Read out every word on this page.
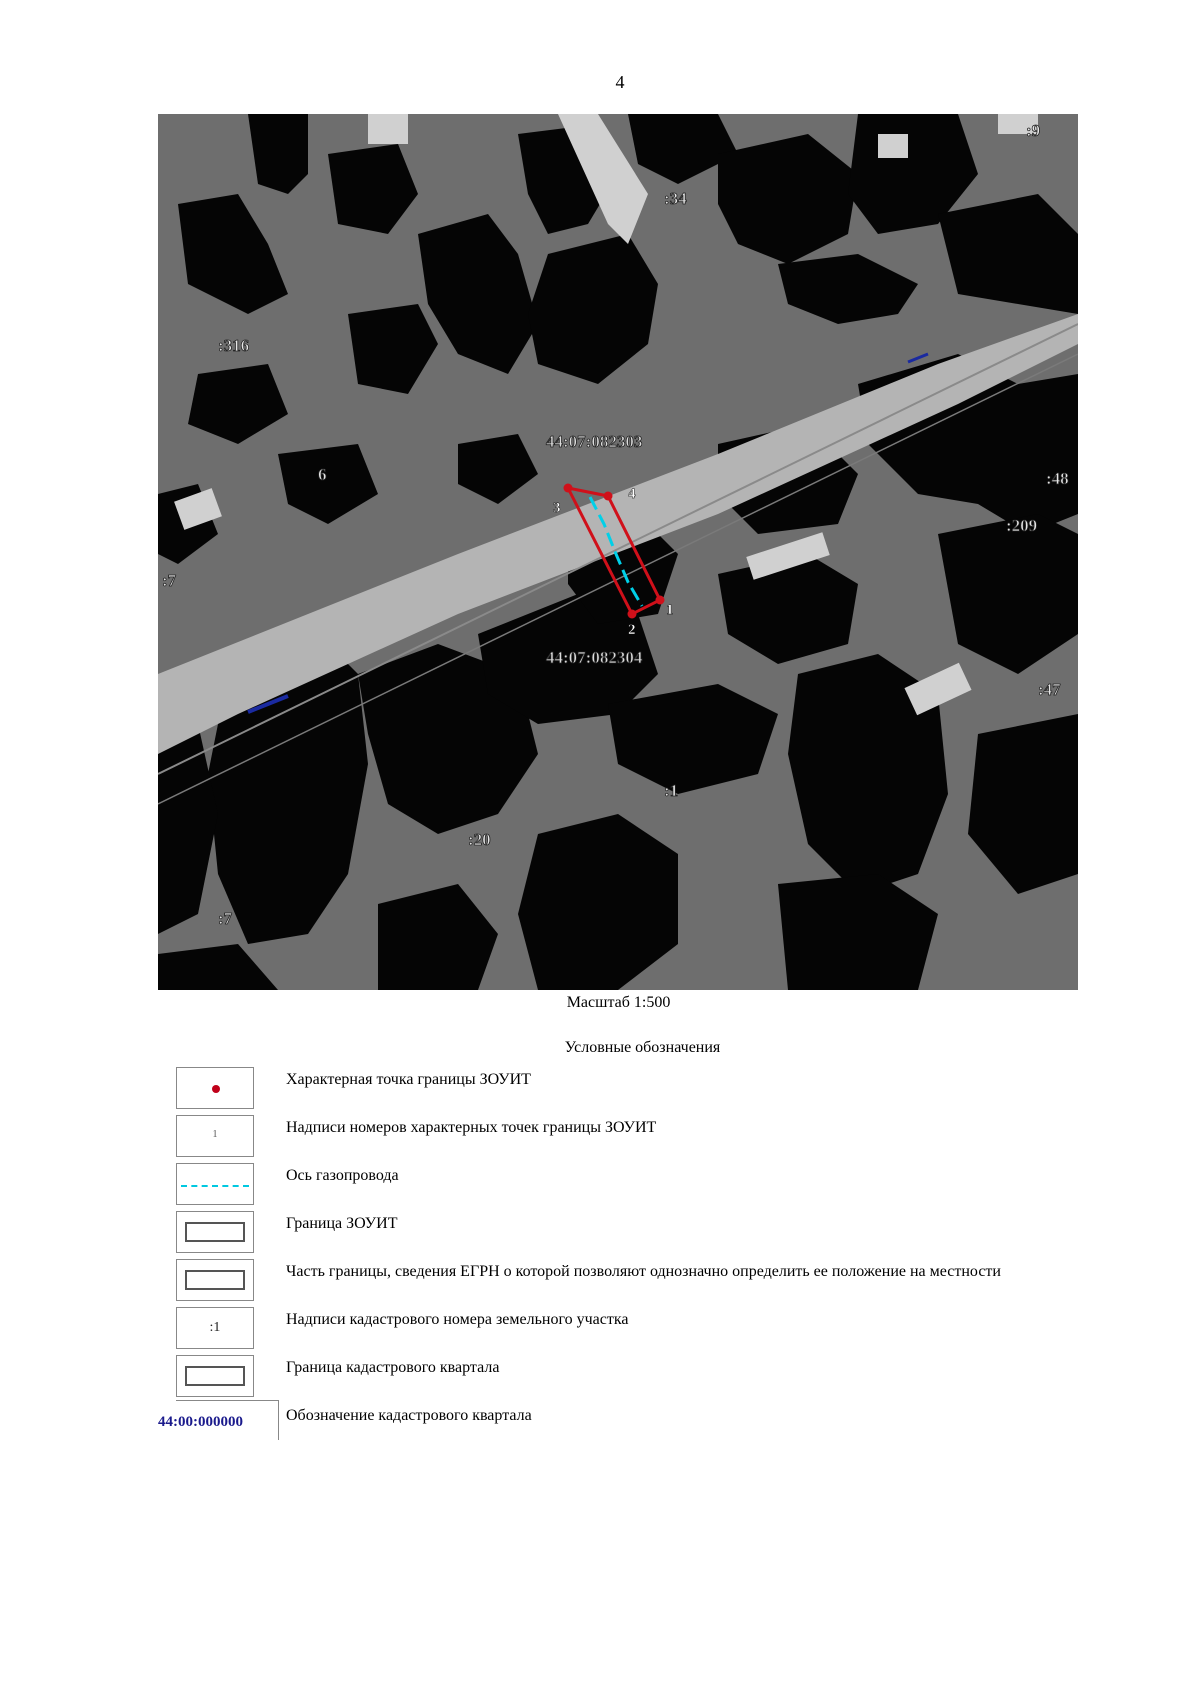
4
1
2
3
4
44:07:082303
44:07:082304
:9
:34
:316
:48
:209
:7
:47
:1
:20
:7
6
Масштаб 1:500
Условные обозначения
Характерная точка границы ЗОУИТ
1	Надписи номеров характерных точек границы ЗОУИТ
Ось газопровода
Граница ЗОУИТ
Часть границы, сведения ЕГРН о которой позволяют однозначно определить ее положение на местности
:1	Надписи кадастрового номера земельного участка
Граница кадастрового квартала
44:00:000000	Обозначение кадастрового квартала
